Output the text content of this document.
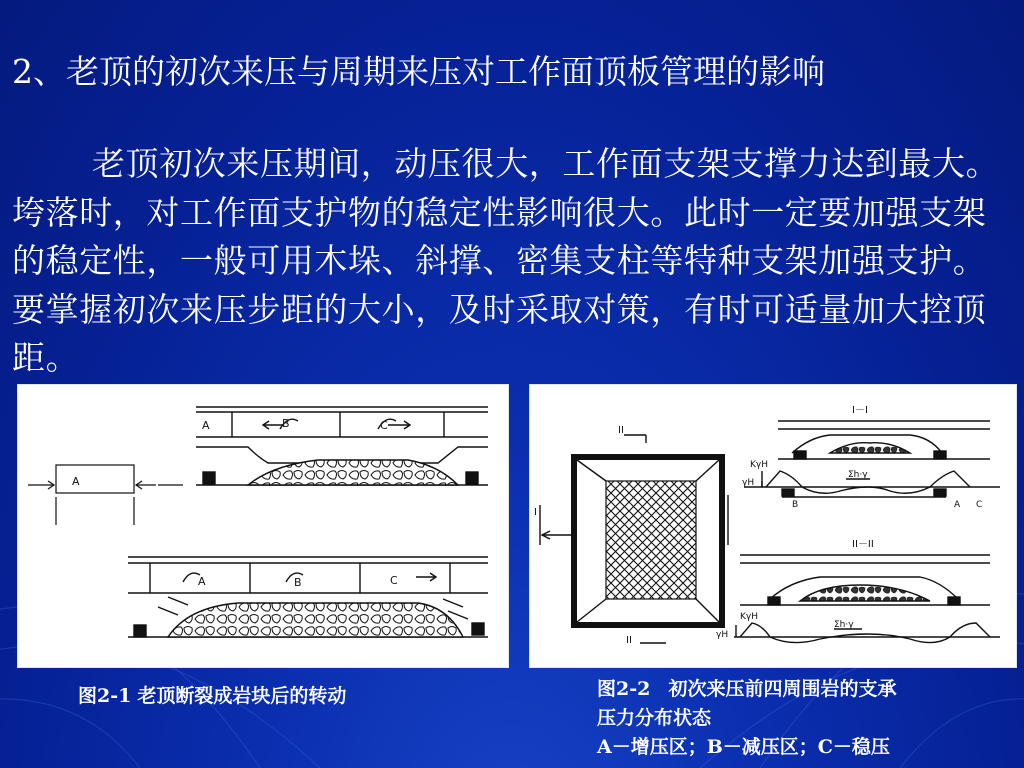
2、老顶的初次来压与周期来压对工作面顶板管理的影响
老顶初次来压期间，动压很大，工作面支架支撑力达到最大。垮落时，对工作面支护物的稳定性影响很大。此时一定要加强支架的稳定性，一般可用木垛、斜撑、密集支柱等特种支架加强支护。要掌握初次来压步距的大小，及时采取对策，有时可适量加大控顶距。
A
A	B	C
A	B	C
II
I
I
II
I－I
KγH
γH
Σh·γ
B	A C
II－II
KγH
γH
Σh·γ
图2-1 老顶断裂成岩块后的转动	图2-2 初次来压前四周围岩的支承
压力分布状态
A－增压区；B－减压区；C－稳压
